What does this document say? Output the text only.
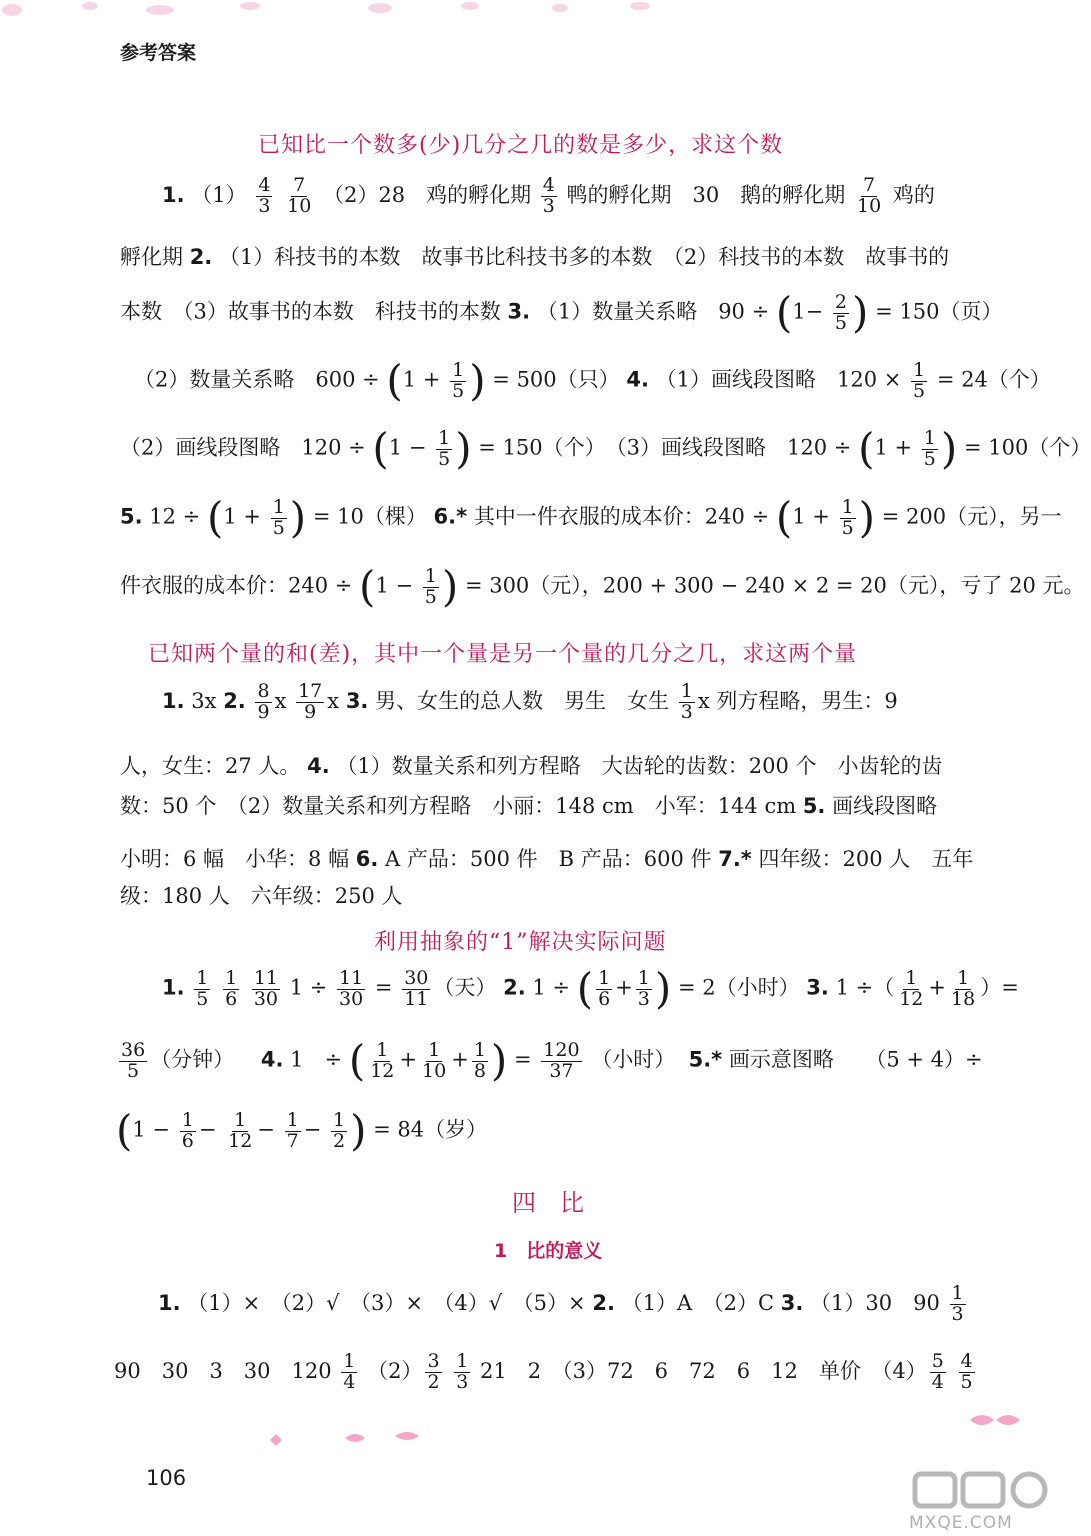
参考答案
已知比一个数多(少)几分之几的数是多少，求这个数
1. $(1) \frac{4}{3}$
$\frac{7}{10} (2)28$　鸡的孵化期 $\frac{4}{3}$ 鸭的孵化期　30　鹅的孵化期 $\frac{7}{10}$ 鸡的
孵化期 2. （1）科技书的本数　故事书比科技书多的本数　（2）科技书的本数　故事书的
本数　（3）故事书的本数　科技书的本数 3. （1）数量关系略　$90 \div (1- \frac{2}{5}$ ) = 150（页）
（2）数量关系略　$600 \div (1 + \frac{1}{5}$ ) = 500（只） 4. （1）画线段图略　$120 \times \frac{1}{5} = 24$（个）
（2）画线段图略　$120 \div (1 - \frac{1}{5}$ ) = 150（个）　（3）画线段图略　$120 \div (1 + \frac{1}{5}$ ) = 100（个）
5. $12 \div (1 + \frac{1}{5}$ ) = 10（棵） 6.* 其中一件衣服的成本价：$240 \div (1 + \frac{1}{5}$ ) = 200（元），另一
件衣服的成本价：$240 \div (1 - \frac{1}{5}$ ) = 300（元），200 + 300 − 240 × 2 = 20（元），亏了 20 元。
已知两个量的和(差)，其中一个量是另一个量的几分之几，求这两个量
1. 3x 2. $\frac{8}{9}$ x $\frac{17}{9}$ x 3. 男、女生的总人数　男生　女生 $\frac{1}{3}$ x 列方程略，男生：9
人，女生：27 人。 4. （1）数量关系和列方程略　大齿轮的齿数：200 个　小齿轮的齿
数：50 个　（2）数量关系和列方程略　小丽：148 cm　小军：144 cm 5. 画线段图略
小明：6 幅　小华：8 幅 6. A 产品：500 件　B 产品：600 件 7.* 四年级：200 人　五年
级：180 人　六年级：250 人
利用抽象的“1”解决实际问题
1. $\frac{1}{5}$
$\frac{1}{6}$
$\frac{11}{30} 1 \div \frac{11}{30} = \frac{30}{11}$ （天） 2. 1 ÷ ( $\frac{1}{6} + \frac{1}{3}$ ) = 2（小时） 3. 1 ÷（ $\frac{1}{12} + \frac{1}{18}$ ）=
$\frac{36}{5}$ （分钟） 4. 1　÷ ( $\frac{1}{12} + \frac{1}{10} + \frac{1}{8}$ ) = $\frac{120}{37}$ （小时） 5.* 画示意图略　　（5 + 4）÷
($1 - \frac{1}{6} - \frac{1}{12} - \frac{1}{7} - \frac{1}{2}$ ) = 84（岁）
四　比
1　比的意义
1. （1）×　（2）√　（3）×　（4）√　（5）× 2. （1）A　（2）C 3. （1）30　$90 \frac{1}{3}$
90　30　3　30　$120 \frac{1}{4} (2) \frac{3}{2}$
$\frac{1}{3} 21$　2　（3）72　6　72　6　12　单价　$(4) \frac{5}{4}$
$\frac{4}{5}$
106
MXQE.COM
